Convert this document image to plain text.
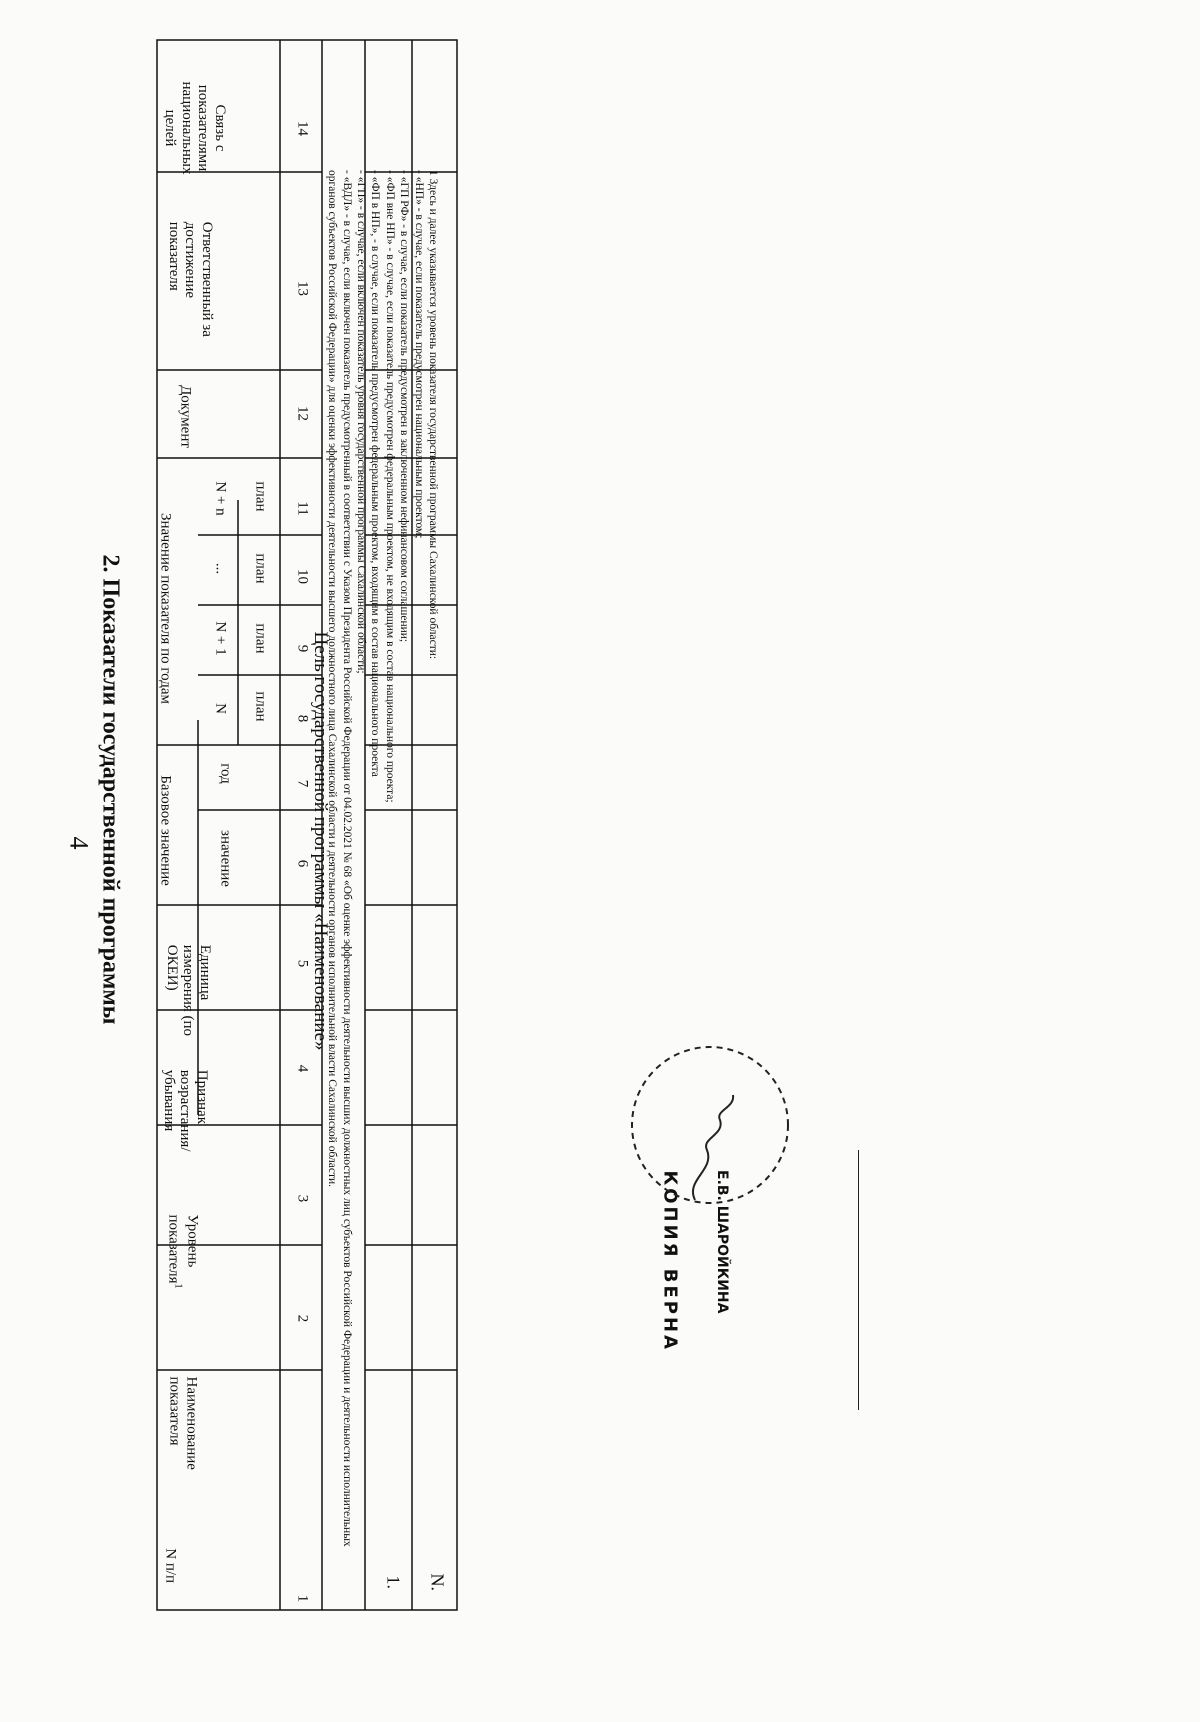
4 2. Показатели государственной программы
N п/п
Наименование показателя
Уровень показателя$^1$
Признак возрастания/ убывания
Единица измерения (по ОКЕИ)
Базовое значение	значение
год
Значение показателя по годам
N
N + 1
...
N + n
план
план
план
план
Документ
Ответственный за достижение показателя
Связь с показателями национальных целей
1
2
3
4
5
6
7
8
9
10
11
12
13
14
Цель государственной программы «Наименование»
1. N.
КОПИЯ ВЕРНА Е.В. ШАРОЙКИНА
1 Здесь и далее указывается уровень показателя государственной программы Сахалинской области:
- «НП» - в случае, если показатель предусмотрен национальным проектом;
- «ГП РФ» - в случае, если показатель предусмотрен в заключенном нефинансовом соглашении;
- «ФП вне НП» - в случае, если показатель предусмотрен федеральным проектом, не входящим в состав национального проекта;
- «ФП в НП», - в случае, если показатель предусмотрен федеральным проектом, входящим в состав национального проекта
- «ГП» - в случае, если включен показатель уровня государственной программы Сахалинской области;
- «ВДЛ» - в случае, если включен показатель предусмотренный в соответствии с Указом Президента Российской Федерации от 04.02.2021 № 68 «Об оценке эффективности деятельности высших должностных лиц субъектов Российской Федерации и деятельности исполнительных органов субъектов Российской Федерации» для оценки эффективности деятельности высшего должностного лица Сахалинской области и деятельности органов исполнительной власти Сахалинской области.
